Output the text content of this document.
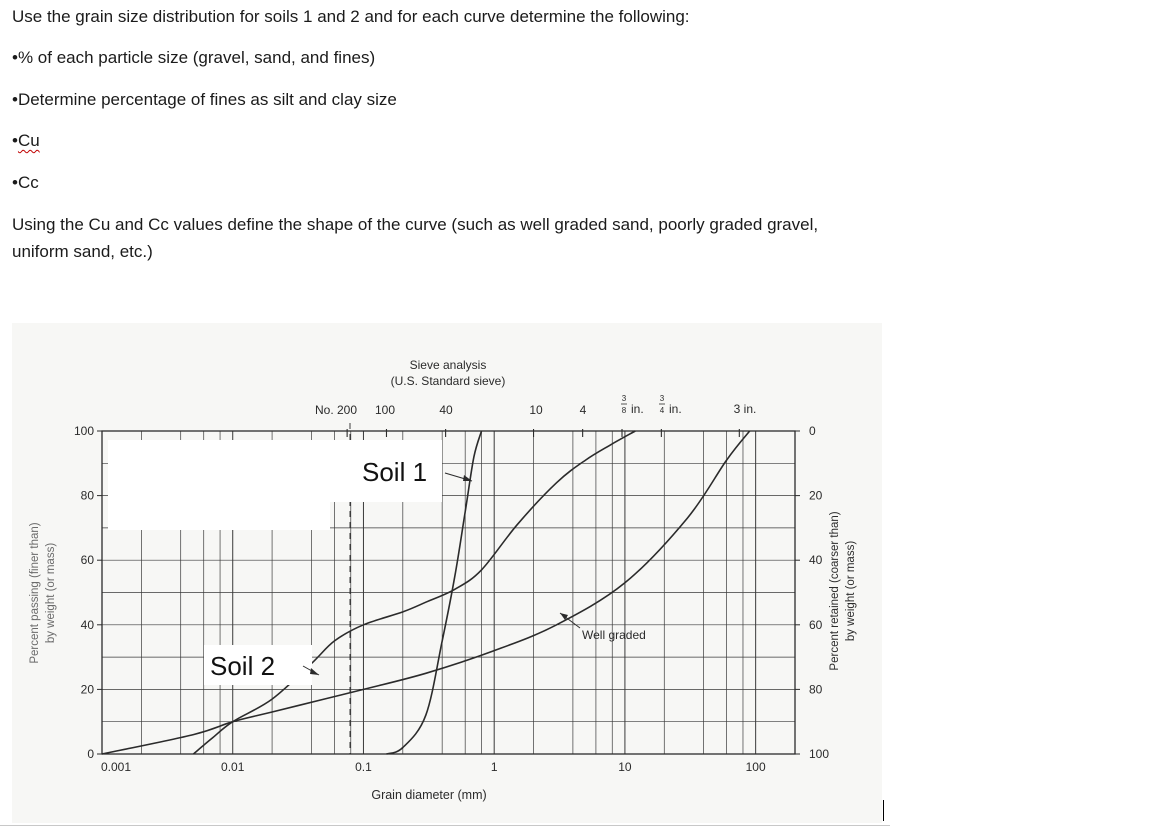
Use the grain size distribution for soils 1 and 2 and for each curve determine the following:
•% of each particle size (gravel, sand, and fines)
•Determine percentage of fines as silt and clay size
•Cu
•Cc
Using the Cu and Cc values define the shape of the curve (such as well graded sand, poorly graded gravel, uniform sand, etc.)
0
0
20
20
40
40
60
60
80
80
100
100
0.001	0.01	0.1	1	10	100
Sieve analysis
(U.S. Standard sieve)
No. 200 100	40	10	4
3
8 in.
3
4 in.	3 in.
Percent passing (finer than) by weight (or mass)	Percent retained (coarser than) by weight (or mass)
Grain diameter (mm)
Soil 1
Soil 2
Well graded
